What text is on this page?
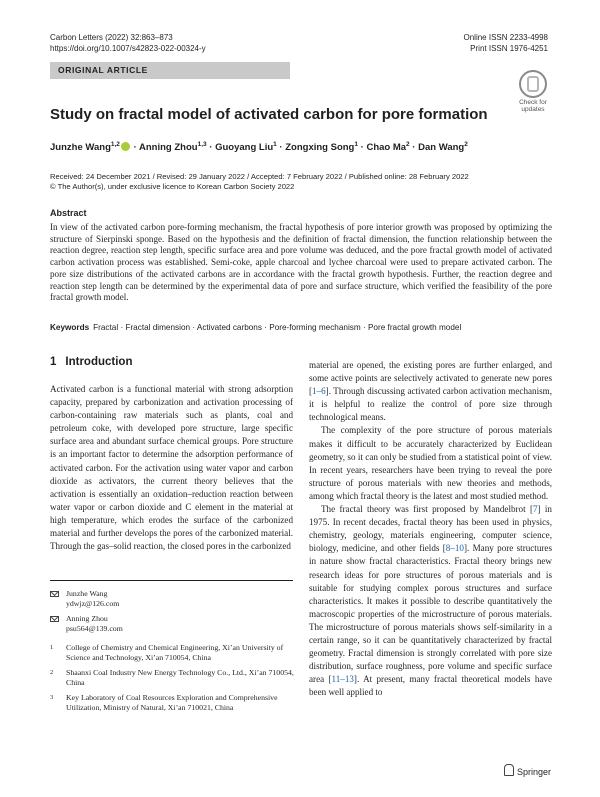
Carbon Letters (2022) 32:863–873
https://doi.org/10.1007/s42823-022-00324-y
Online ISSN 2233-4998
Print ISSN 1976-4251
ORIGINAL ARTICLE
Check for updates
Study on fractal model of activated carbon for pore formation
Junzhe Wang$^{1,2}$ · Anning Zhou$^{1,3}$ · Guoyang Liu$^1$ · Zongxing Song$^1$ · Chao $Ma^2$ · Dan Wang$^2$
Received: 24 December 2021 / Revised: 29 January 2022 / Accepted: 7 February 2022 / Published online: 28 February 2022
© The Author(s), under exclusive licence to Korean Carbon Society 2022
Abstract
In view of the activated carbon pore-forming mechanism, the fractal hypothesis of pore interior growth was proposed by optimizing the structure of Sierpinski sponge. Based on the hypothesis and the definition of fractal dimension, the function relationship between the reaction degree, reaction step length, specific surface area and pore volume was deduced, and the pore fractal growth model of activated carbon activation process was established. Semi-coke, apple charcoal and lychee charcoal were used to prepare activated carbon. The pore size distributions of the activated carbons are in accordance with the fractal growth hypothesis. Further, the reaction degree and reaction step length can be determined by the experimental data of pore and surface structure, which verified the feasibility of the pore fractal growth model.
Keywords Fractal · Fractal dimension · Activated carbons · Pore-forming mechanism · Pore fractal growth model
1 Introduction

Activated carbon is a functional material with strong adsorption capacity, prepared by carbonization and activation processing of carbon-containing raw materials such as plants, coal and petroleum coke, with developed pore structure, large specific surface area and abundant surface chemical groups. Pore structure is an important factor to determine the adsorption performance of activated carbon. For the activation using water vapor and carbon dioxide as activators, the current theory believes that the activation is essentially an oxidation–reduction reaction between water vapor or carbon dioxide and C element in the material at high temperature, which erodes the surface of the carbonized material and further develops the pores of the carbonized material. Through the gas–solid reaction, the closed pores in the carbonized

material are opened, the existing pores are further enlarged, and some active points are selectively activated to generate new pores [1–6]. Through discussing activated carbon activation mechanism, it is helpful to realize the control of pore size through technological means.

The complexity of the pore structure of porous materials makes it difficult to be accurately characterized by Euclidean geometry, so it can only be studied from a statistical point of view. In recent years, researchers have been trying to reveal the pore structure of porous materials with new theories and methods, among which fractal theory is the latest and most studied method.

The fractal theory was first proposed by Mandelbrot [7] in 1975. In recent decades, fractal theory has been used in physics, chemistry, geology, materials engineering, computer science, biology, medicine, and other fields [8–10]. Many pore structures in nature show fractal characteristics. Fractal theory brings new research ideas for pore structures of porous materials and is suitable for studying complex porous structures and surface characteristics. It makes it possible to describe quantitatively the macroscopic properties of the microstructure of porous materials. The microstructure of porous materials shows self-similarity in a certain range, so it can be quantitatively characterized by fractal geometry. Fractal dimension is strongly correlated with pore size distribution, surface roughness, pore volume and specific surface area [11–13]. At present, many fractal theoretical models have been well applied to

Junzhe Wang
ydwjz@126.com
Anning Zhou
psu564@139.com
1 College of Chemistry and Chemical Engineering, Xi’an University of Science and Technology, Xi’an 710054, China
2 Shaanxi Coal Industry New Energy Technology Co., Ltd., Xi’an 710054, China
3 Key Laboratory of Coal Resources Exploration and Comprehensive Utilization, Ministry of Natural, Xi’an 710021, China
Springer
